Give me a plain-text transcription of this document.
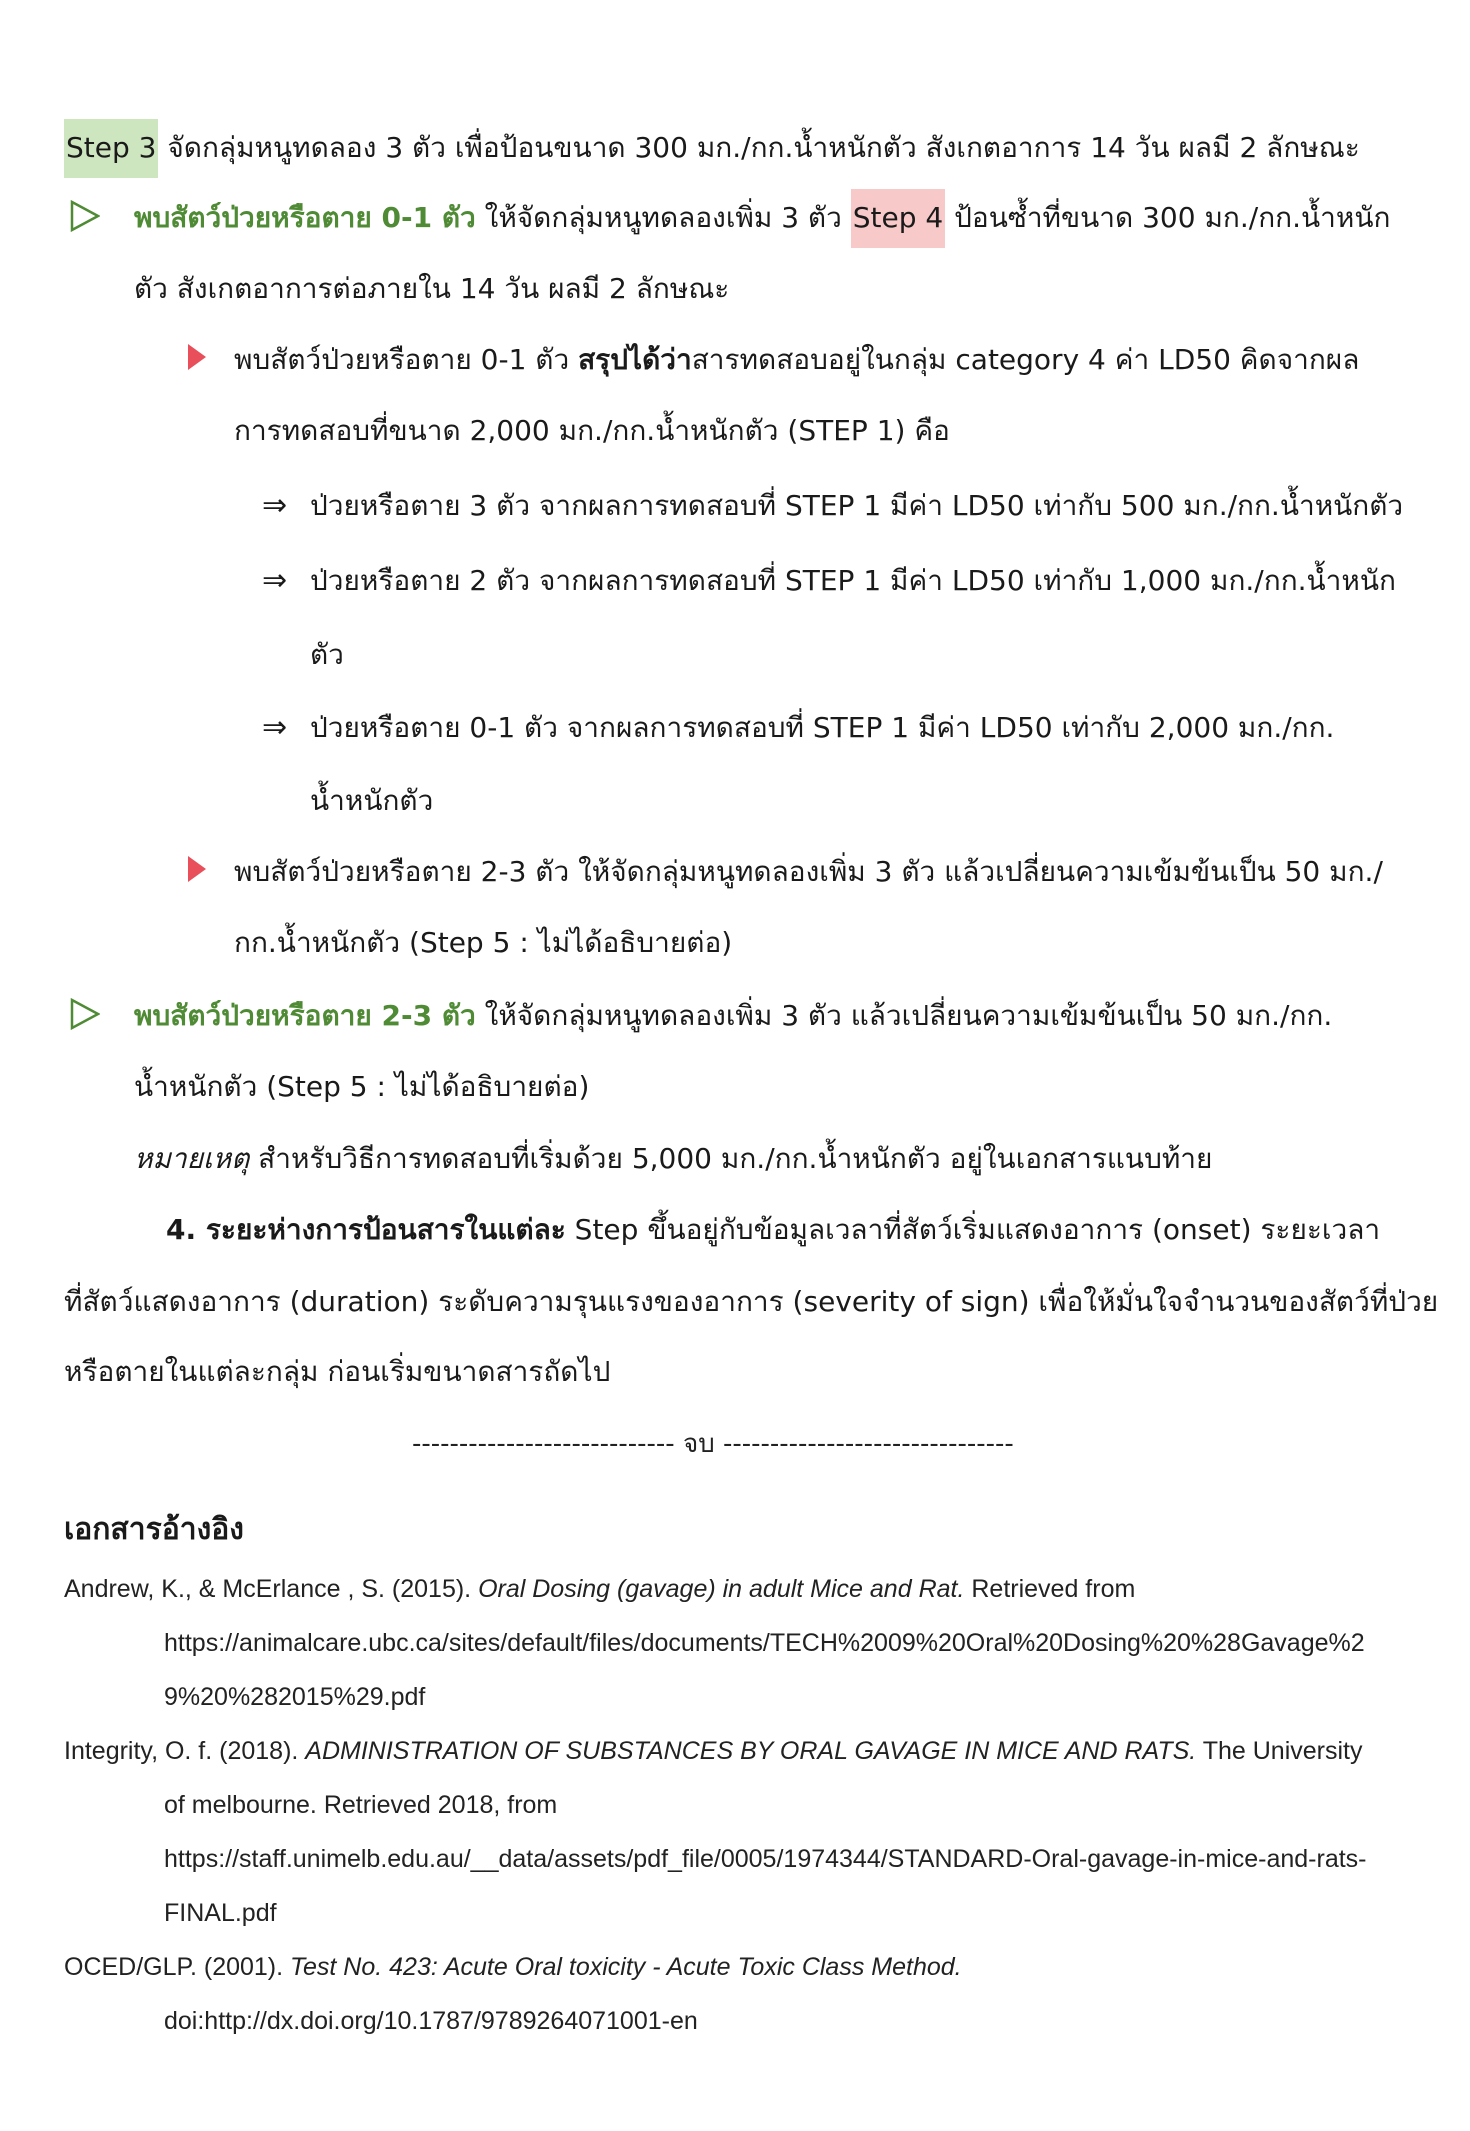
Step 3 จัดกลุ่มหนูทดลอง 3 ตัว เพื่อป้อนขนาด 300 มก./กก.น้ำหนักตัว สังเกตอาการ 14 วัน ผลมี 2 ลักษณะ
พบสัตว์ป่วยหรือตาย 0-1 ตัว ให้จัดกลุ่มหนูทดลองเพิ่ม 3 ตัว Step 4 ป้อนซ้ำที่ขนาด 300 มก./กก.น้ำหนัก
ตัว สังเกตอาการต่อภายใน 14 วัน ผลมี 2 ลักษณะ
พบสัตว์ป่วยหรือตาย 0-1 ตัว สรุปได้ว่าสารทดสอบอยู่ในกลุ่ม category 4 ค่า LD50 คิดจากผล
การทดสอบที่ขนาด 2,000 มก./กก.น้ำหนักตัว (STEP 1) คือ
⇒ ป่วยหรือตาย 3 ตัว จากผลการทดสอบที่ STEP 1 มีค่า LD50 เท่ากับ 500 มก./กก.น้ำหนักตัว
⇒ ป่วยหรือตาย 2 ตัว จากผลการทดสอบที่ STEP 1 มีค่า LD50 เท่ากับ 1,000 มก./กก.น้ำหนัก
ตัว
⇒ ป่วยหรือตาย 0-1 ตัว จากผลการทดสอบที่ STEP 1 มีค่า LD50 เท่ากับ 2,000 มก./กก.
น้ำหนักตัว
พบสัตว์ป่วยหรือตาย 2-3 ตัว ให้จัดกลุ่มหนูทดลองเพิ่ม 3 ตัว แล้วเปลี่ยนความเข้มข้นเป็น 50 มก./
กก.น้ำหนักตัว (Step 5 : ไม่ได้อธิบายต่อ)
พบสัตว์ป่วยหรือตาย 2-3 ตัว ให้จัดกลุ่มหนูทดลองเพิ่ม 3 ตัว แล้วเปลี่ยนความเข้มข้นเป็น 50 มก./กก.
น้ำหนักตัว (Step 5 : ไม่ได้อธิบายต่อ)
หมายเหตุ สำหรับวิธีการทดสอบที่เริ่มด้วย 5,000 มก./กก.น้ำหนักตัว อยู่ในเอกสารแนบท้าย
4. ระยะห่างการป้อนสารในแต่ละ Step ขึ้นอยู่กับข้อมูลเวลาที่สัตว์เริ่มแสดงอาการ (onset) ระยะเวลา
ที่สัตว์แสดงอาการ (duration) ระดับความรุนแรงของอาการ (severity of sign) เพื่อให้มั่นใจจำนวนของสัตว์ที่ป่วย
หรือตายในแต่ละกลุ่ม ก่อนเริ่มขนาดสารถัดไป
---------------------------- จบ -------------------------------
เอกสารอ้างอิง
Andrew, K., & McErlance , S. (2015). Oral Dosing (gavage) in adult Mice and Rat. Retrieved from
https://animalcare.ubc.ca/sites/default/files/documents/TECH%2009%20Oral%20Dosing%20%28Gavage%2
9%20%282015%29.pdf
Integrity, O. f. (2018). ADMINISTRATION OF SUBSTANCES BY ORAL GAVAGE IN MICE AND RATS. The University
of melbourne. Retrieved 2018, from
https://staff.unimelb.edu.au/__data/assets/pdf_file/0005/1974344/STANDARD-Oral-gavage-in-mice-and-rats-
FINAL.pdf
OCED/GLP. (2001). Test No. 423: Acute Oral toxicity - Acute Toxic Class Method.
doi:http://dx.doi.org/10.1787/9789264071001-en
